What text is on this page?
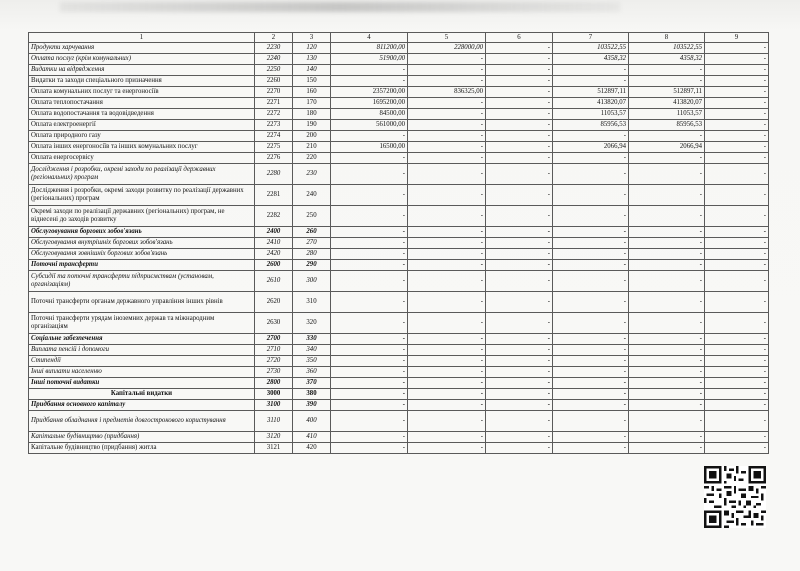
1	2	3	4	5	6	7	8	9
Продукти харчування	2230	120	811200,00	228000,00	-	103522,55	103522,55	-
Оплата послуг (крім комунальних)	2240	130	51900,00	-	-	4358,32	4358,32	-
Видатки на відрядження	2250	140	-	-	-	-	-	-
Видатки та заходи спеціального призначення	2260	150	-	-	-	-	-	-
Оплата комунальних послуг та енергоносіїв	2270	160	2357200,00	836325,00	-	512897,11	512897,11	-
Оплата теплопостачання	2271	170	1695200,00	-	-	413820,07	413820,07	-
Оплата водопостачання та водовідведення	2272	180	84500,00	-	-	11053,57	11053,57	-
Оплата електроенергії	2273	190	561000,00	-	-	85956,53	85956,53	-
Оплата природного газу	2274	200	-	-	-	-	-	-
Оплата інших енергоносіїв та інших комунальних послуг	2275	210	16500,00	-	-	2066,94	2066,94	-
Оплата енергосервісу	2276	220	-	-	-	-	-	-
Дослідження і розробки, окремі заходи по реалізації державних (регіональних) програм	2280	230	-	-	-	-	-	-
Дослідження і розробки, окремі заходи розвитку по реалізації державних (регіональних) програм	2281	240	-	-	-	-	-	-
Окремі заходи по реалізації державних (регіональних) програм, не віднесені до заходів розвитку	2282	250	-	-	-	-	-	-
Обслуговування боргових зобов'язань	2400	260	-	-	-	-	-	-
Обслуговування внутрішніх боргових зобов'язань	2410	270	-	-	-	-	-	-
Обслуговування зовнішніх боргових зобов'язань	2420	280	-	-	-	-	-	-
Поточні трансферти	2600	290	-	-	-	-	-	-
Субсидії та поточні трансферти підприємствам (установам, організаціям)	2610	300	-	-	-	-	-	-
Поточні трансферти органам державного управління інших рівнів	2620	310	-	-	-	-	-	-
Поточні трансферти урядам іноземних держав та міжнародним організаціям	2630	320	-	-	-	-	-	-
Соціальне забезпечення	2700	330	-	-	-	-	-	-
Виплата пенсій і допомоги	2710	340	-	-	-	-	-	-
Стипендії	2720	350	-	-	-	-	-	-
Інші виплати населенню	2730	360	-	-	-	-	-	-
Інші поточні видатки	2800	370	-	-	-	-	-	-
Капітальні видатки	3000	380	-	-	-	-	-	-
Придбання основного капіталу	3100	390	-	-	-	-	-	-
Придбання обладнання і предметів довгострокового користування	3110	400	-	-	-	-	-	-
Капітальне будівництво (придбання)	3120	410	-	-	-	-	-	-
Капітальне будівництво (придбання) житла	3121	420	-	-	-	-	-	-
